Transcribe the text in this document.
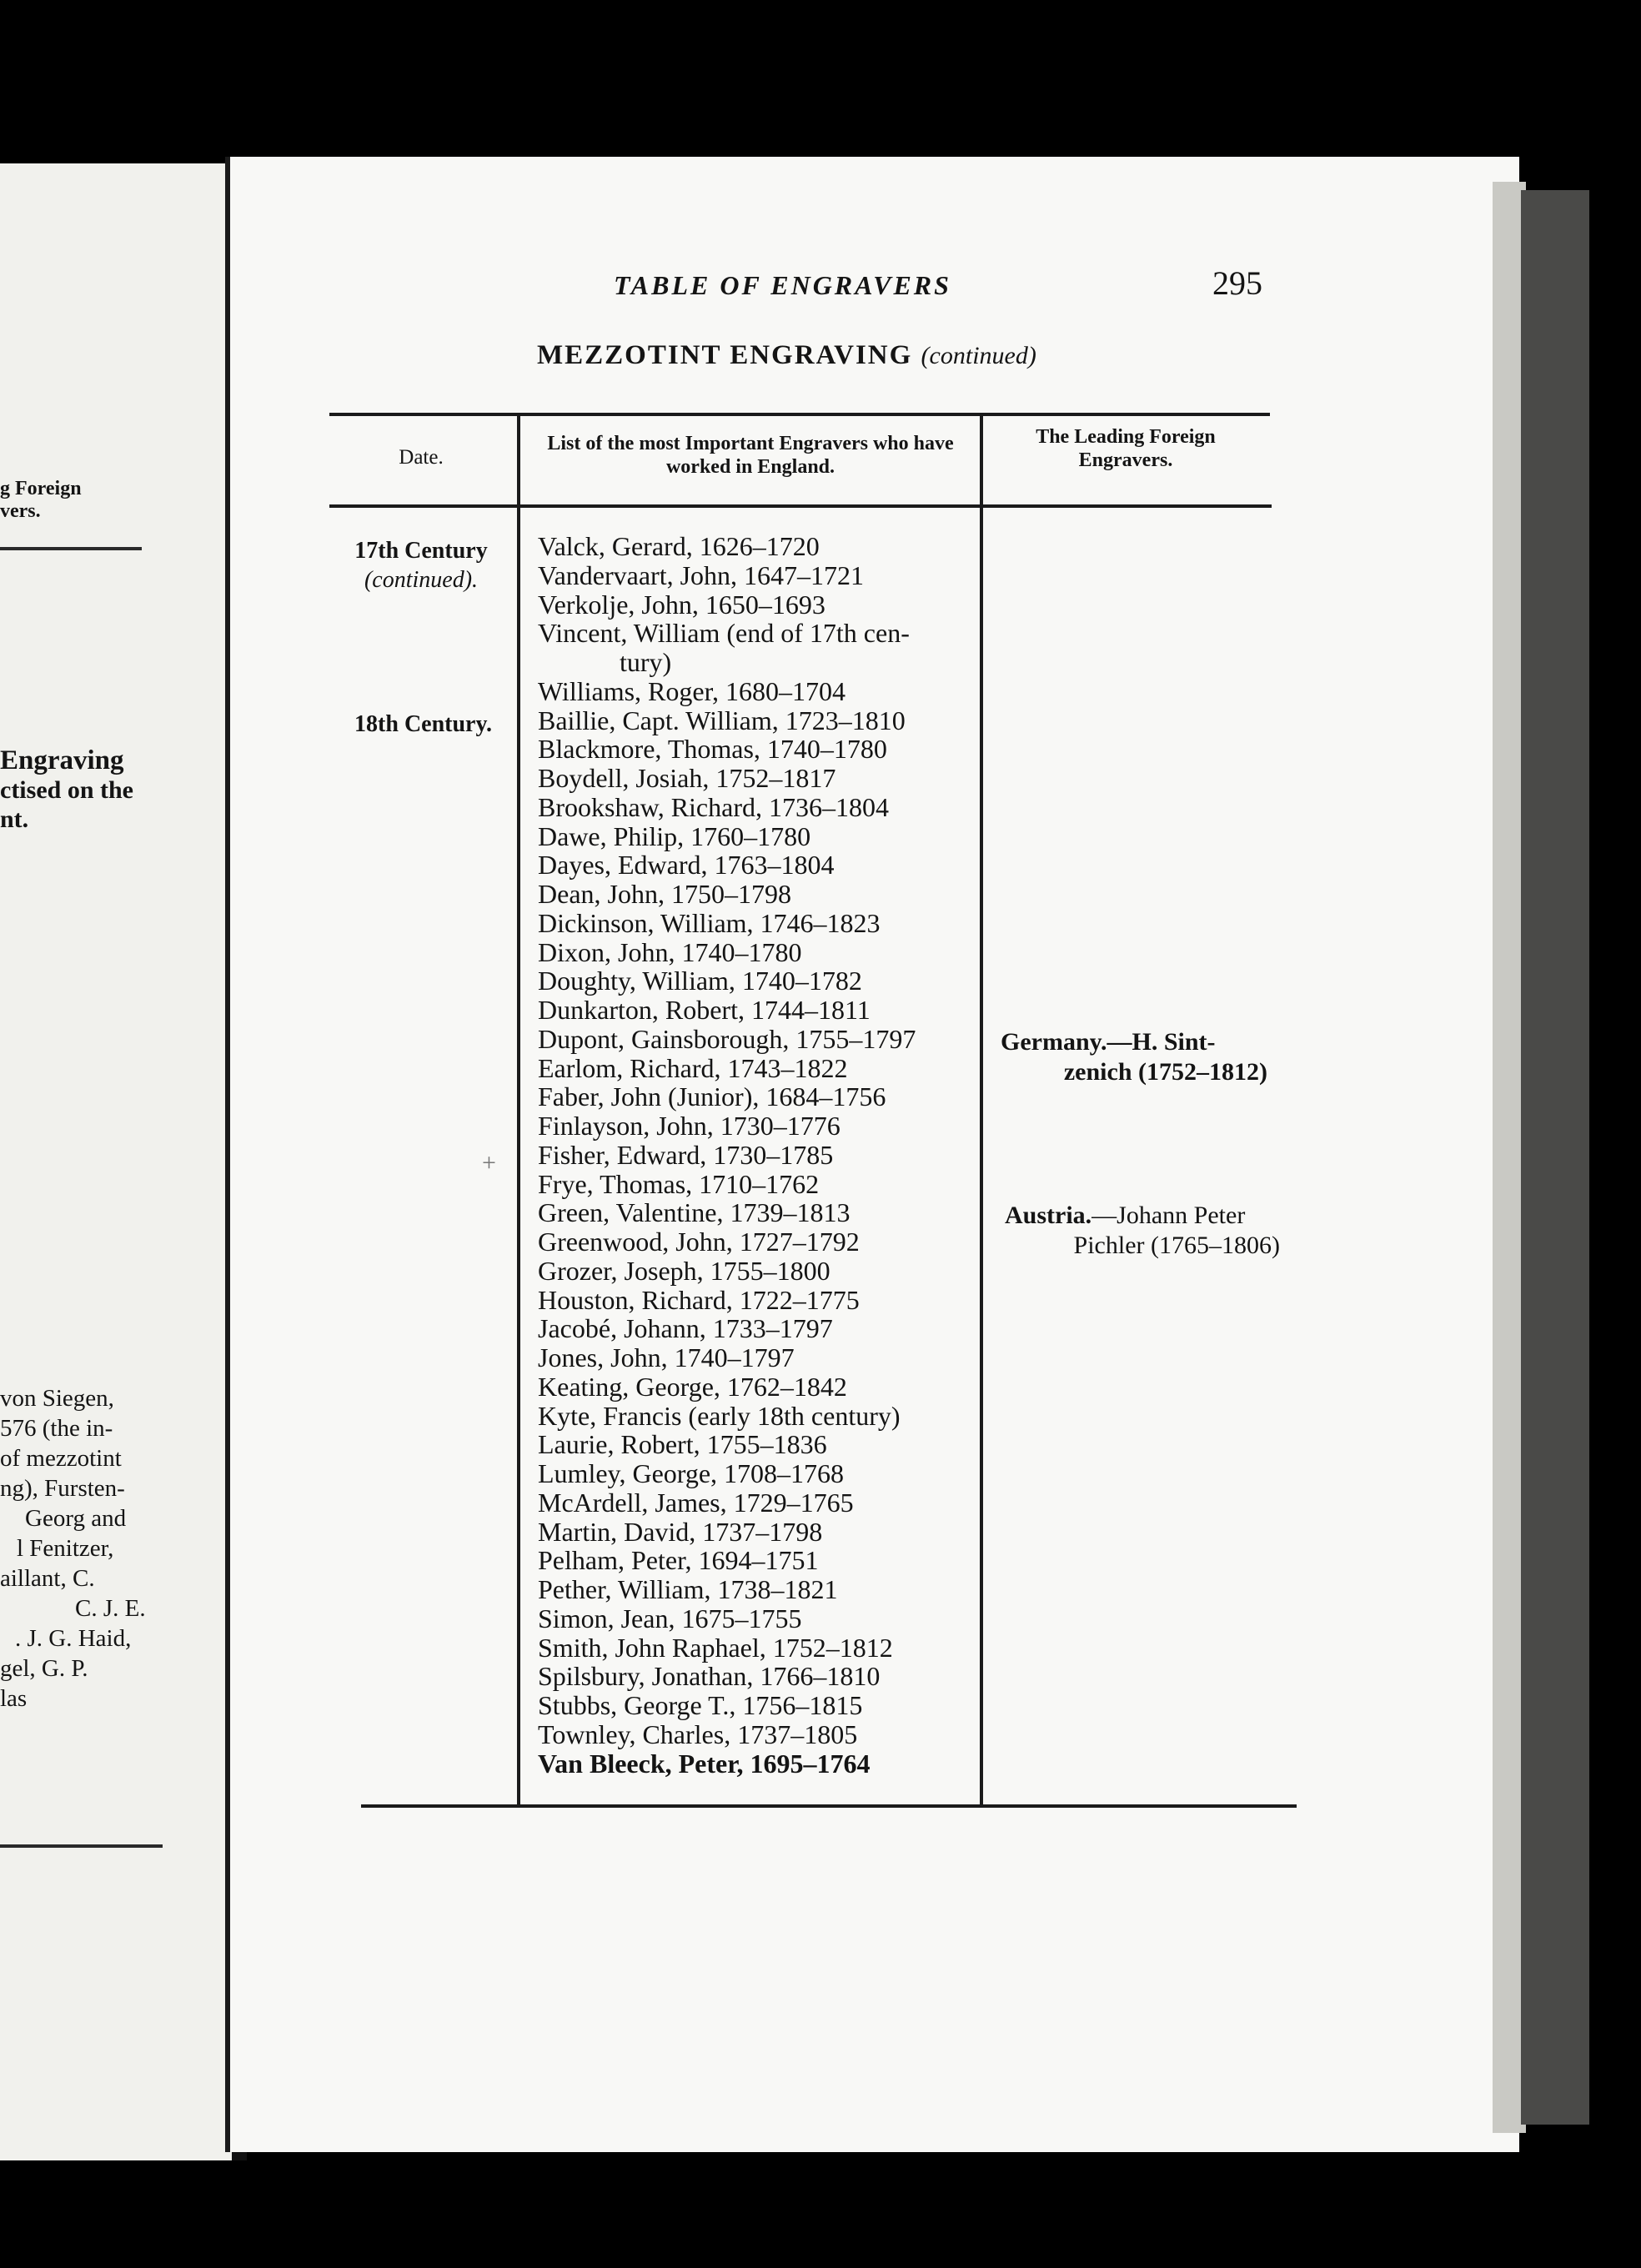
g Foreign
vers.
Engraving
ctised on the
nt.
von Siegen,
576 (the in-
of mezzotint
ng), Fursten-
Georg and
l Fenitzer,
aillant, C.
C. J. E.
. J. G. Haid,
gel, G. P.
las
TABLE OF ENGRAVERS	295
MEZZOTINT ENGRAVING (continued)
Date.
List of the most Important Engravers who have worked in England.
The Leading Foreign Engravers.
17th Century
(continued).
18th Century.
Valck, Gerard, 1626–1720
Vandervaart, John, 1647–1721
Verkolje, John, 1650–1693
Vincent, William (end of 17th cen-
tury)
Williams, Roger, 1680–1704
Baillie, Capt. William, 1723–1810
Blackmore, Thomas, 1740–1780
Boydell, Josiah, 1752–1817
Brookshaw, Richard, 1736–1804
Dawe, Philip, 1760–1780
Dayes, Edward, 1763–1804
Dean, John, 1750–1798
Dickinson, William, 1746–1823
Dixon, John, 1740–1780
Doughty, William, 1740–1782
Dunkarton, Robert, 1744–1811
Dupont, Gainsborough, 1755–1797
Earlom, Richard, 1743–1822
Faber, John (Junior), 1684–1756
Finlayson, John, 1730–1776
Fisher, Edward, 1730–1785
Frye, Thomas, 1710–1762
Green, Valentine, 1739–1813
Greenwood, John, 1727–1792
Grozer, Joseph, 1755–1800
Houston, Richard, 1722–1775
Jacobé, Johann, 1733–1797
Jones, John, 1740–1797
Keating, George, 1762–1842
Kyte, Francis (early 18th century)
Laurie, Robert, 1755–1836
Lumley, George, 1708–1768
McArdell, James, 1729–1765
Martin, David, 1737–1798
Pelham, Peter, 1694–1751
Pether, William, 1738–1821
Simon, Jean, 1675–1755
Smith, John Raphael, 1752–1812
Spilsbury, Jonathan, 1766–1810
Stubbs, George T., 1756–1815
Townley, Charles, 1737–1805
Van Bleeck, Peter, 1695–1764
Germany.—H. Sint-
zenich (1752–1812)
Austria.—Johann Peter
Pichler (1765–1806)
+
